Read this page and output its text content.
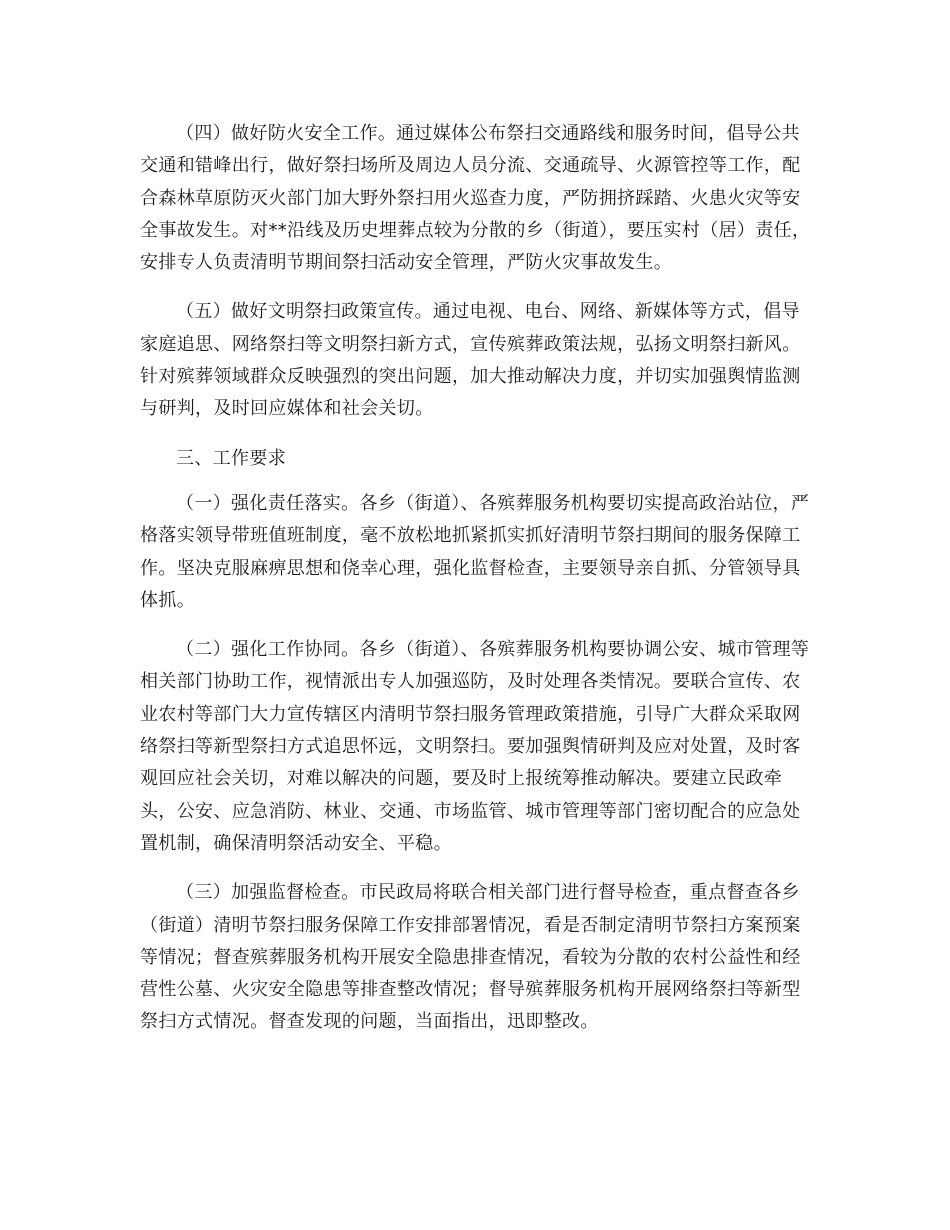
（四）做好防火安全工作。通过媒体公布祭扫交通路线和服务时间，倡导公共交通和错峰出行，做好祭扫场所及周边人员分流、交通疏导、火源管控等工作，配合森林草原防灭火部门加大野外祭扫用火巡查力度，严防拥挤踩踏、火患火灾等安全事故发生。对**沿线及历史埋葬点较为分散的乡（街道），要压实村（居）责任，安排专人负责清明节期间祭扫活动安全管理，严防火灾事故发生。

（五）做好文明祭扫政策宣传。通过电视、电台、网络、新媒体等方式，倡导家庭追思、网络祭扫等文明祭扫新方式，宣传殡葬政策法规，弘扬文明祭扫新风。针对殡葬领域群众反映强烈的突出问题，加大推动解决力度，并切实加强舆情监测与研判，及时回应媒体和社会关切。

三、工作要求

（一）强化责任落实。各乡（街道）、各殡葬服务机构要切实提高政治站位，严格落实领导带班值班制度，毫不放松地抓紧抓实抓好清明节祭扫期间的服务保障工作。坚决克服麻痹思想和侥幸心理，强化监督检查，主要领导亲自抓、分管领导具体抓。

（二）强化工作协同。各乡（街道）、各殡葬服务机构要协调公安、城市管理等相关部门协助工作，视情派出专人加强巡防，及时处理各类情况。要联合宣传、农业农村等部门大力宣传辖区内清明节祭扫服务管理政策措施，引导广大群众采取网络祭扫等新型祭扫方式追思怀远，文明祭扫。要加强舆情研判及应对处置，及时客观回应社会关切，对难以解决的问题，要及时上报统筹推动解决。要建立民政牵头，公安、应急消防、林业、交通、市场监管、城市管理等部门密切配合的应急处置机制，确保清明祭活动安全、平稳。

（三）加强监督检查。市民政局将联合相关部门进行督导检查，重点督查各乡（街道）清明节祭扫服务保障工作安排部署情况，看是否制定清明节祭扫方案预案等情况；督查殡葬服务机构开展安全隐患排查情况，看较为分散的农村公益性和经营性公墓、火灾安全隐患等排查整改情况；督导殡葬服务机构开展网络祭扫等新型祭扫方式情况。督查发现的问题，当面指出，迅即整改。
